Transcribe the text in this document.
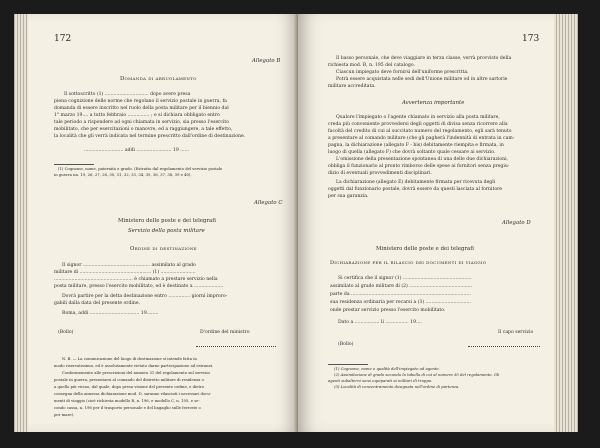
172
Allegato B
Domanda di arruolamento
Il sottoscritto (1) .............................. dopo avere presa
piena cognizione delle norme che regolano il servizio postale in guerra, fa
domanda di essere inscritto nel ruolo della posta militare per il biennio dal
1° marzo 19.... a tutto febbraio ............... ; e si dichiara obbligato entro
tale periodo a rispondere ad ogni chiamata in servizio, sia presso l'esercito
mobilitato, che per esercitazioni o manovre, ed a raggiungere, a tale effetto,
la località che gli verrà indicata nel termine prescritto dall'ordine di destinazione.
........................... addì ........................ 19 ......
(1) Cognome, nome, paternità e grado. (Estratto dal regolamento del servizio postale
in guerra nn. 19, 26, 27, 28, 30, 31, 32, 33, 34, 35, 36, 37, 38, 39 e 40).
Allegato C
Ministero delle poste e dei telegrafi
Servizio della posta militare
Ordine di destinazione
Il signor .............................................. assimilato al grado
militare di ................................................. (1) ........................
...................................................... è chiamato a prestare servizio nella
posta militare, presso l'esercito mobilitato, ed è destinato a ....................
Dovrà partire per la detta destinazione entro ............... giorni improro-
gabili dalla data del presente ordine.
Roma, addì .................................. 19........
(Bollo)	D'ordine del ministro
N. B. — La comunicazione del luogo di destinazione si intende fatta in
modo riservatissimo, ed è assolutamente vietato darne partecipazione ad estranei.
Conformemente alle prescrizioni del numero 31 del regolamento sul servizio
postale in guerra, presentarsi al comando del distretto militare di residenza o
a quello più vicino, dal quale, dopo presa visione del presente ordine, e dietro
consegna della annessa dichiarazione mod. D, saranno rilasciati i necessari docu-
menti di viaggio (cioè richiesta modello R, n. 196, e modello C, n. 195, e se-
condo cassa, n. 196 per il trasporto personale e del bagaglio sulle ferrovie o
per mare).
173
Il basso personale, che deve viaggiare in terza classe, verrà provvisto della
richiesta mod. B, n. 195 del catalogo.
Ciascun impiegato deve fornirsi dell'uniforme prescritta.
Potrà essere acquistata nelle sedi dell'Unione militare od in altre sartorie
militare accreditata.
Avvertenza importante
Qualore l'impiegato o l'agente chiamato in servizio alla posta militare,
creda più conveniente provvedersi degli oggetti di divisa senza ricorrere alla
facoltà del credito di cui al succitato numero del regolamento, egli sarà tenuto
a presentare al comando militare (che gli pagherà l'indennità di entrata in cam-
pagna, la dichiarazione (allegato F - bis) debitamente riempita e firmata, in
luogo di quella (allegato F) che dovrà soltanto quale cessare ai servizio.
L'omissione della presentazione spontanea di una delle due dichiarazioni,
obbliga il funzionario al pronto rimborso delle spese ai fornitori senza pregiu-
dizio di eventuali provvedimenti disciplinari.
La dichiarazione (allegato E) debitamente firmata per ricevuta degli
oggetti dal funzionario postale, dovrà essere da questi lasciata al fornitore
per sua garanzia.
Allegato D
Ministero delle poste e dei telegrafi
Dichiarazione per il rilascio dei documenti di viaggio
Si certifica che il signor (1) ...............................................
assimilato al grado militare di (2) ...........................................
parte da ..................................................................................
sua residenza ordinaria per recarsi a (3) ...............................
onde prestar servizio presso l'esercito mobilitato.
Dato a ................. li ................ 19....
Il capo servizio
(Bollo)
(1) Cognome, nome e qualità dell'impiegato od agente.
(2) Assimilazione di grado secondo la tabella di cui al numero 30 del regolamento. Gli
agenti subalterni sono equiparati ai militari di truppa.
(3) Località di concentramento designata nell'ordine di partenza.
